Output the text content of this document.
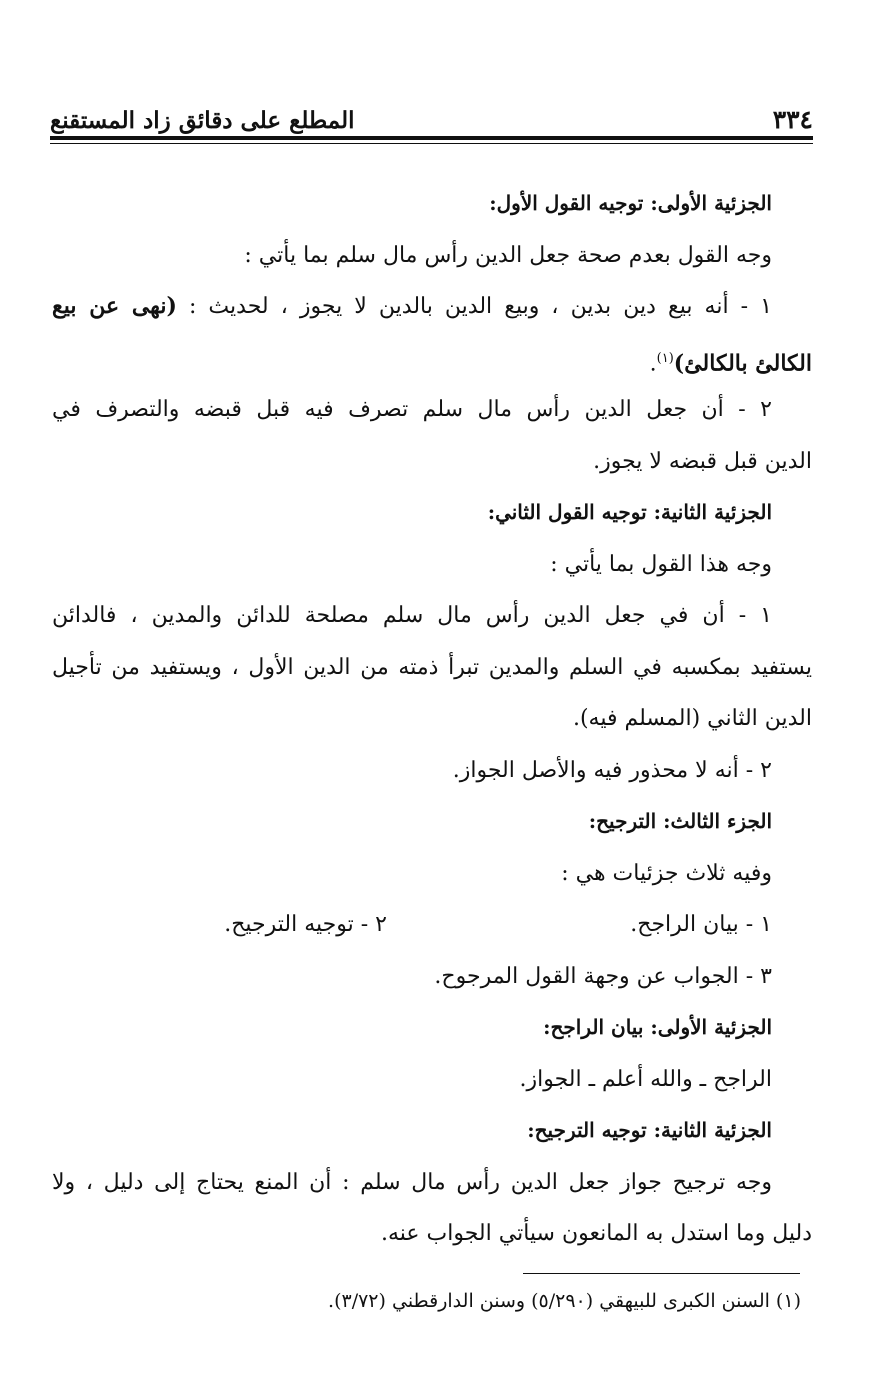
٣٣٤
المطلع على دقائق زاد المستقنع
الجزئية الأولى: توجيه القول الأول:
وجه القول بعدم صحة جعل الدين رأس مال سلم بما يأتي :
١ - أنه بيع دين بدين ، وبيع الدين بالدين لا يجوز ، لحديث : (نهى عن بيع
الكالئ بالكالئ)$^{(١)}$.
٢ - أن جعل الدين رأس مال سلم تصرف فيه قبل قبضه والتصرف في
الدين قبل قبضه لا يجوز.
الجزئية الثانية: توجيه القول الثاني:
وجه هذا القول بما يأتي :
١ - أن في جعل الدين رأس مال سلم مصلحة للدائن والمدين ، فالدائن
يستفيد بمكسبه في السلم والمدين تبرأ ذمته من الدين الأول ، ويستفيد من تأجيل
الدين الثاني (المسلم فيه).
٢ - أنه لا محذور فيه والأصل الجواز.
الجزء الثالث: الترجيح:
وفيه ثلاث جزئيات هي :
١ - بيان الراجح.
٢ - توجيه الترجيح.
٣ - الجواب عن وجهة القول المرجوح.
الجزئية الأولى: بيان الراجح:
الراجح ـ والله أعلم ـ الجواز.
الجزئية الثانية: توجيه الترجيح:
وجه ترجيح جواز جعل الدين رأس مال سلم : أن المنع يحتاج إلى دليل ، ولا
دليل وما استدل به المانعون سيأتي الجواب عنه.
(١) السنن الكبرى للبيهقي (٥/٢٩٠) وسنن الدارقطني (٣/٧٢).
